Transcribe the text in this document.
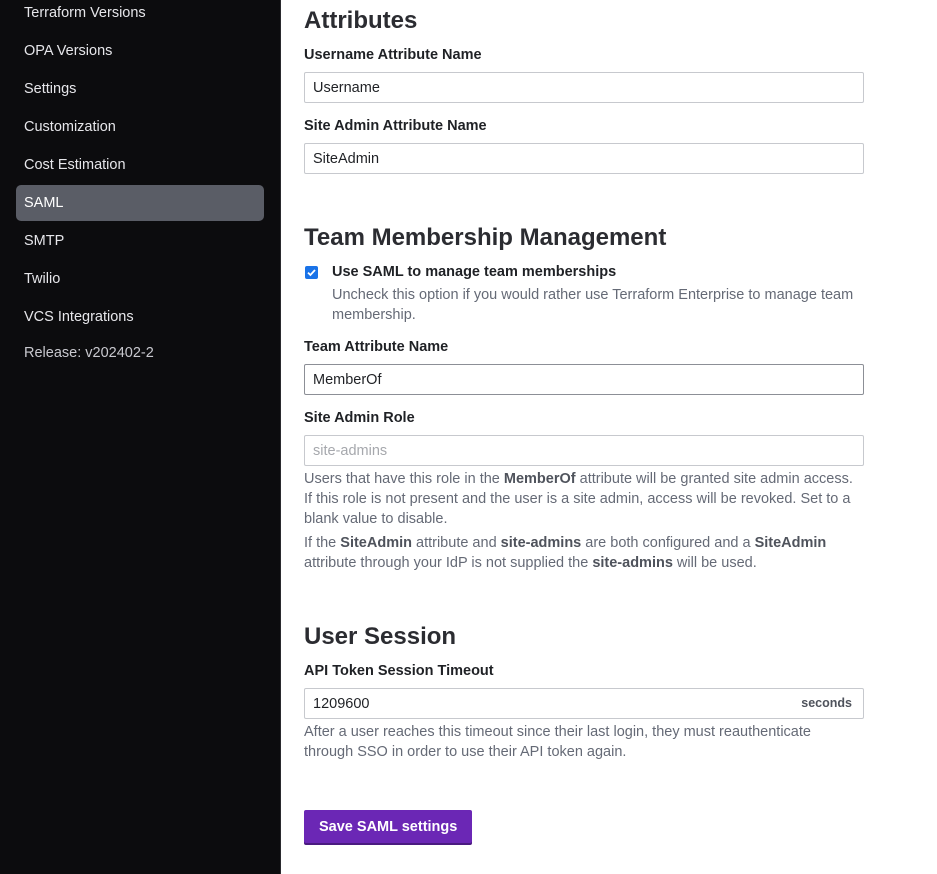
Terraform Versions
OPA Versions
Settings
Customization
Cost Estimation
SAML
SMTP
Twilio
VCS Integrations
Release: v202402-2
Attributes
Username Attribute Name
Username
Site Admin Attribute Name
SiteAdmin
Team Membership Management
Use SAML to manage team memberships
Uncheck this option if you would rather use Terraform Enterprise to manage team membership.
Team Attribute Name
MemberOf
Site Admin Role
site-admins
Users that have this role in the MemberOf attribute will be granted site admin access. If this role is not present and the user is a site admin, access will be revoked. Set to a blank value to disable.
If the SiteAdmin attribute and site-admins are both configured and a SiteAdmin attribute through your IdP is not supplied the site-admins will be used.
User Session
API Token Session Timeout
1209600
seconds
After a user reaches this timeout since their last login, they must reauthenticate through SSO in order to use their API token again.
Save SAML settings
